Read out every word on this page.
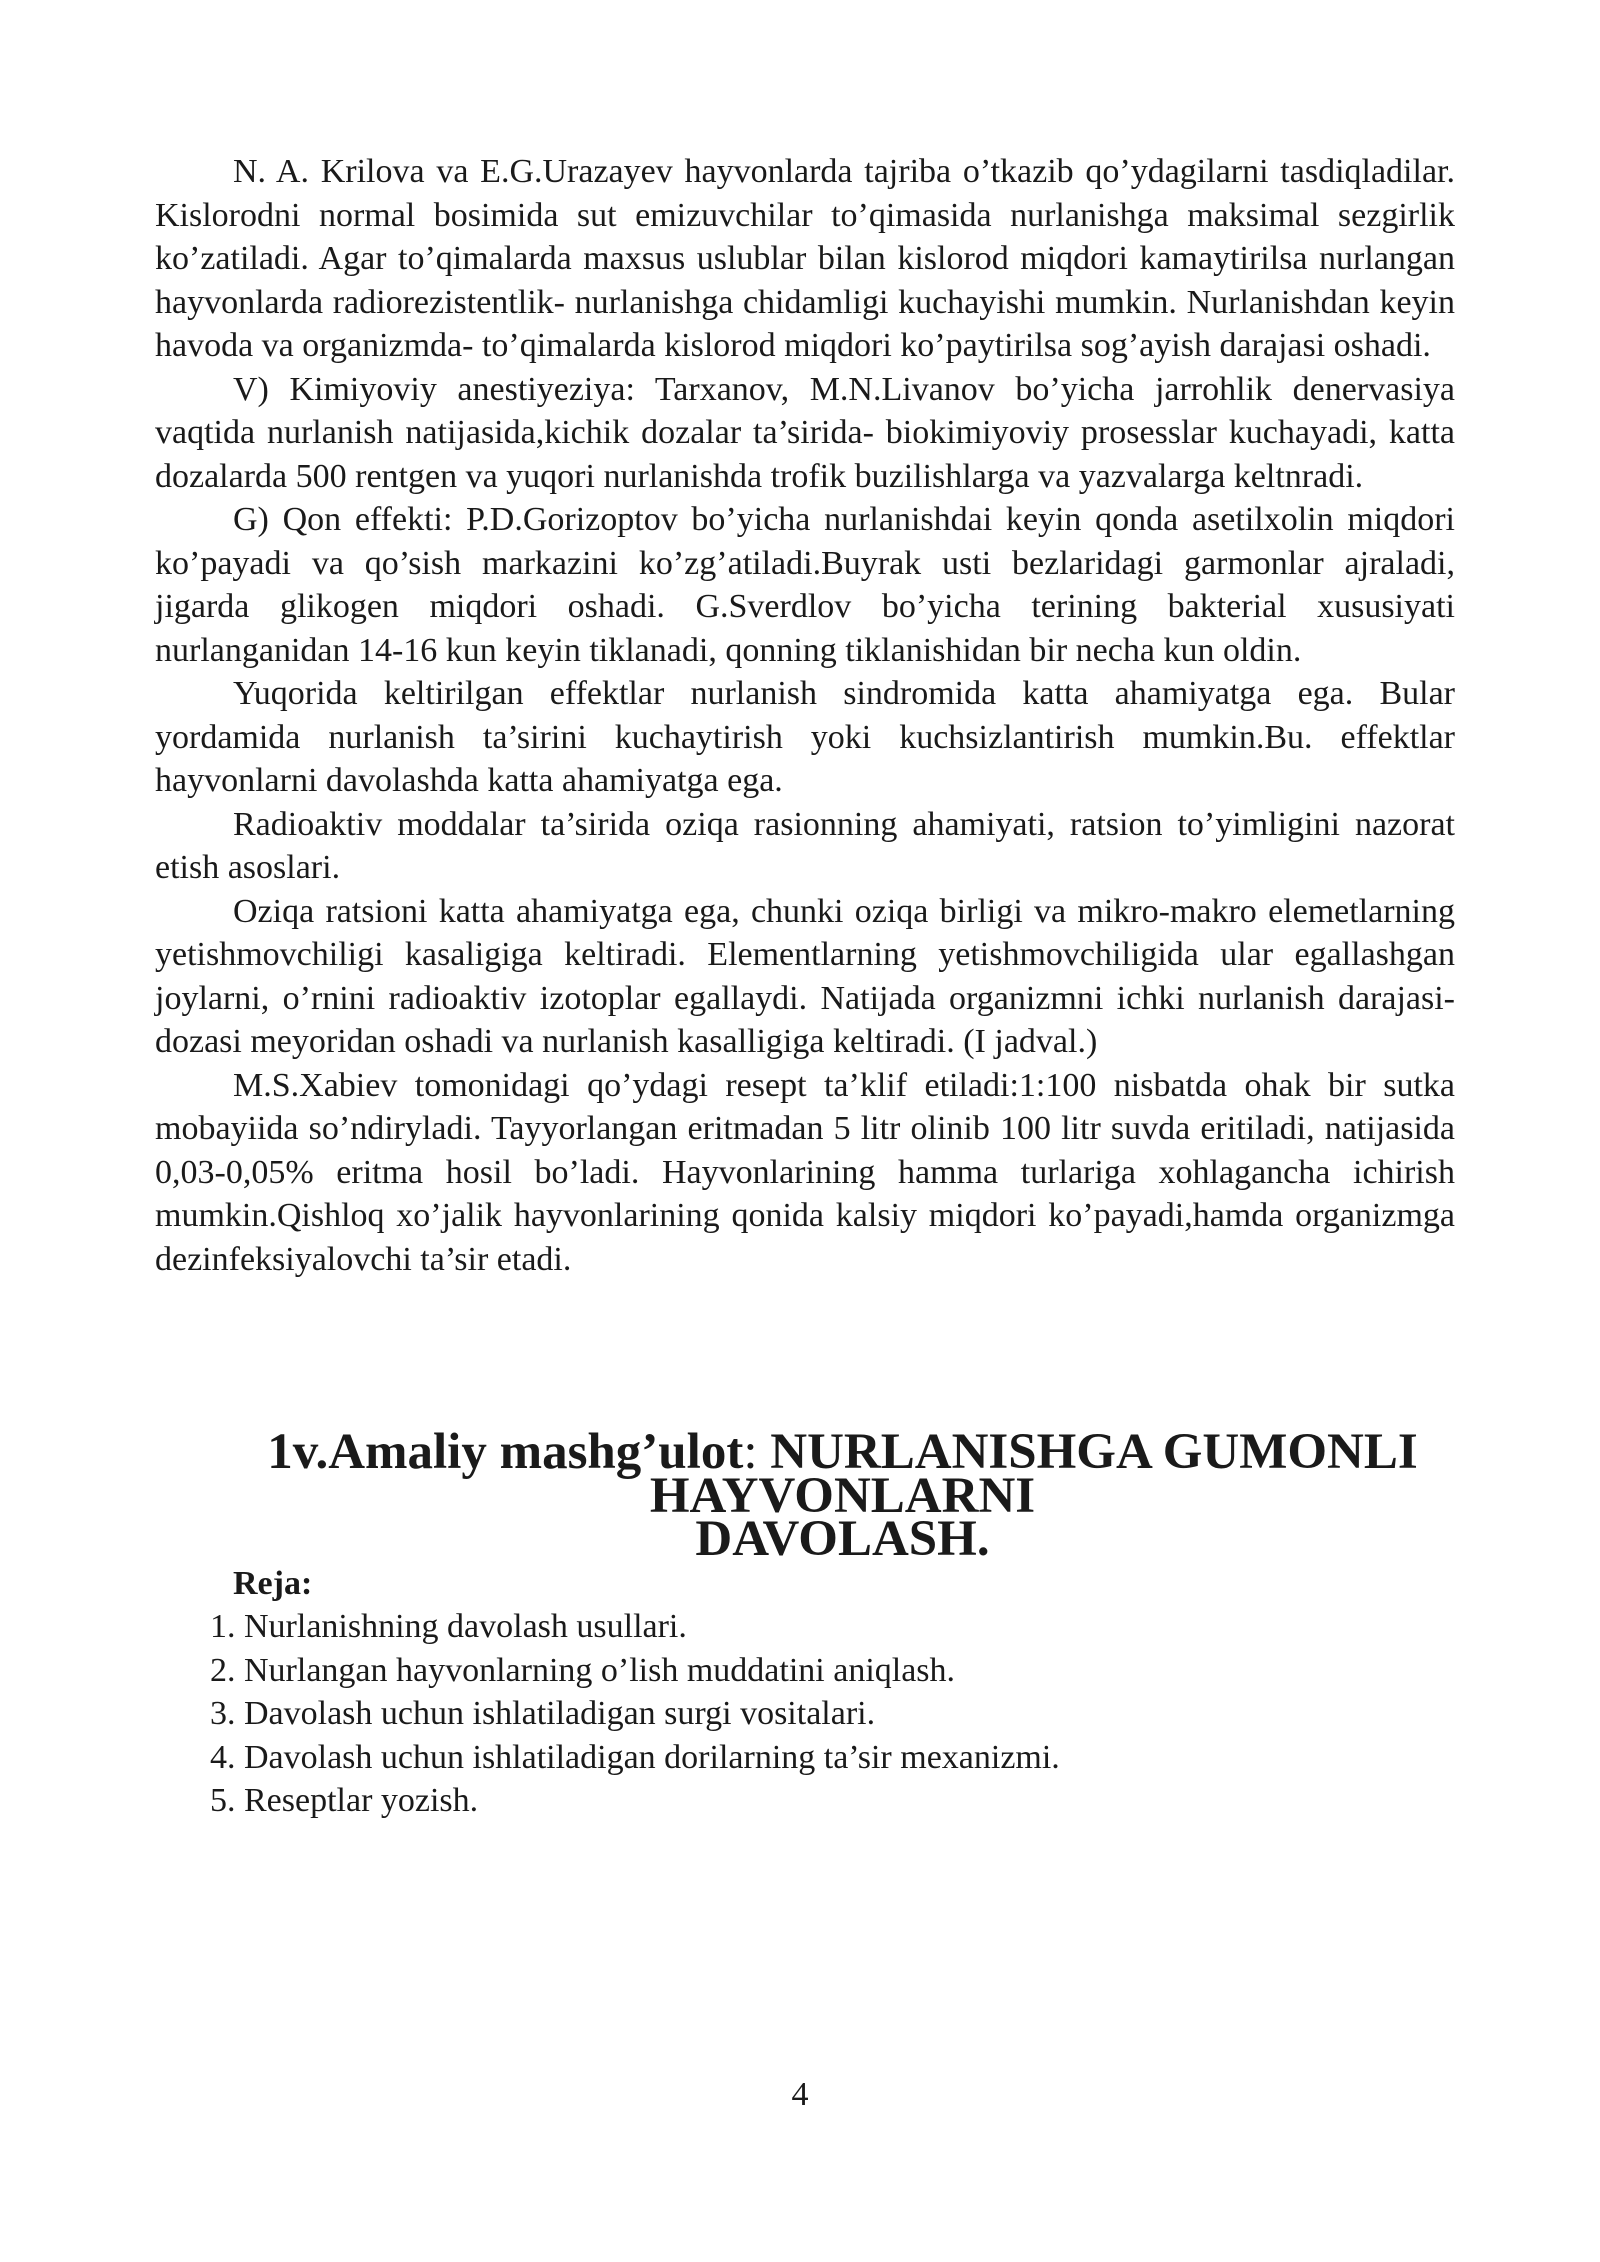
N. A. Krilova va E.G.Urazayev hayvonlarda tajriba o’tkazib qo’ydagilarni tasdiqladilar. Kislorodni normal bosimida sut emizuvchilar to’qimasida nurlanishga maksimal sezgirlik ko’zatiladi. Agar to’qimalarda maxsus uslublar bilan kislorod miqdori kamaytirilsa nurlangan hayvonlarda radiorezistentlik- nurlanishga chidamligi kuchayishi mumkin. Nurlanishdan keyin havoda va organizmda- to’qimalarda kislorod miqdori ko’paytirilsa sog’ayish darajasi oshadi.

V) Kimiyoviy anestiyeziya: Tarxanov, M.N.Livanov bo’yicha jarrohlik denervasiya vaqtida nurlanish natijasida,kichik dozalar ta’sirida- biokimiyoviy prosesslar kuchayadi, katta dozalarda 500 rentgen va yuqori nurlanishda trofik buzilishlarga va yazvalarga keltnradi.

G) Qon effekti: P.D.Gorizoptov bo’yicha nurlanishdai keyin qonda asetilxolin miqdori ko’payadi va qo’sish markazini ko’zg’atiladi.Buyrak usti bezlaridagi garmonlar ajraladi, jigarda glikogen miqdori oshadi. G.Sverdlov bo’yicha terining bakterial xususiyati nurlanganidan 14-16 kun keyin tiklanadi, qonning tiklanishidan bir necha kun oldin.

Yuqorida keltirilgan effektlar nurlanish sindromida katta ahamiyatga ega. Bular yordamida nurlanish ta’sirini kuchaytirish yoki kuchsizlantirish mumkin.Bu. effektlar hayvonlarni davolashda katta ahamiyatga ega.

Radioaktiv moddalar ta’sirida oziqa rasionning ahamiyati, ratsion to’yimligini nazorat etish asoslari.

Oziqa ratsioni katta ahamiyatga ega, chunki oziqa birligi va mikro-makro elemetlarning yetishmovchiligi kasaligiga keltiradi. Elementlarning yetishmovchiligida ular egallashgan joylarni, o’rnini radioaktiv izotoplar egallaydi. Natijada organizmni ichki nurlanish darajasi-dozasi meyoridan oshadi va nurlanish kasalligiga keltiradi. (I jadval.)

M.S.Xabiev tomonidagi qo’ydagi resept ta’klif etiladi:1:100 nisbatda ohak bir sutka mobayiida so’ndiryladi. Tayyorlangan eritmadan 5 litr olinib 100 litr suvda eritiladi, natijasida 0,03-0,05% eritma hosil bo’ladi. Hayvonlarining hamma turlariga xohlagancha ichirish mumkin.Qishloq xo’jalik hayvonlarining qonida kalsiy miqdori ko’payadi,hamda organizmga dezinfeksiyalovchi ta’sir etadi.

1v.Amaliy mashg’ulot: NURLANISHGA GUMONLI HAYVONLARNI
DAVOLASH.

Reja:

1. Nurlanishning davolash usullari.
2. Nurlangan hayvonlarning o’lish muddatini aniqlash.
3. Davolash uchun ishlatiladigan surgi vositalari.
4. Davolash uchun ishlatiladigan dorilarning ta’sir mexanizmi.
5. Reseptlar yozish.
4
